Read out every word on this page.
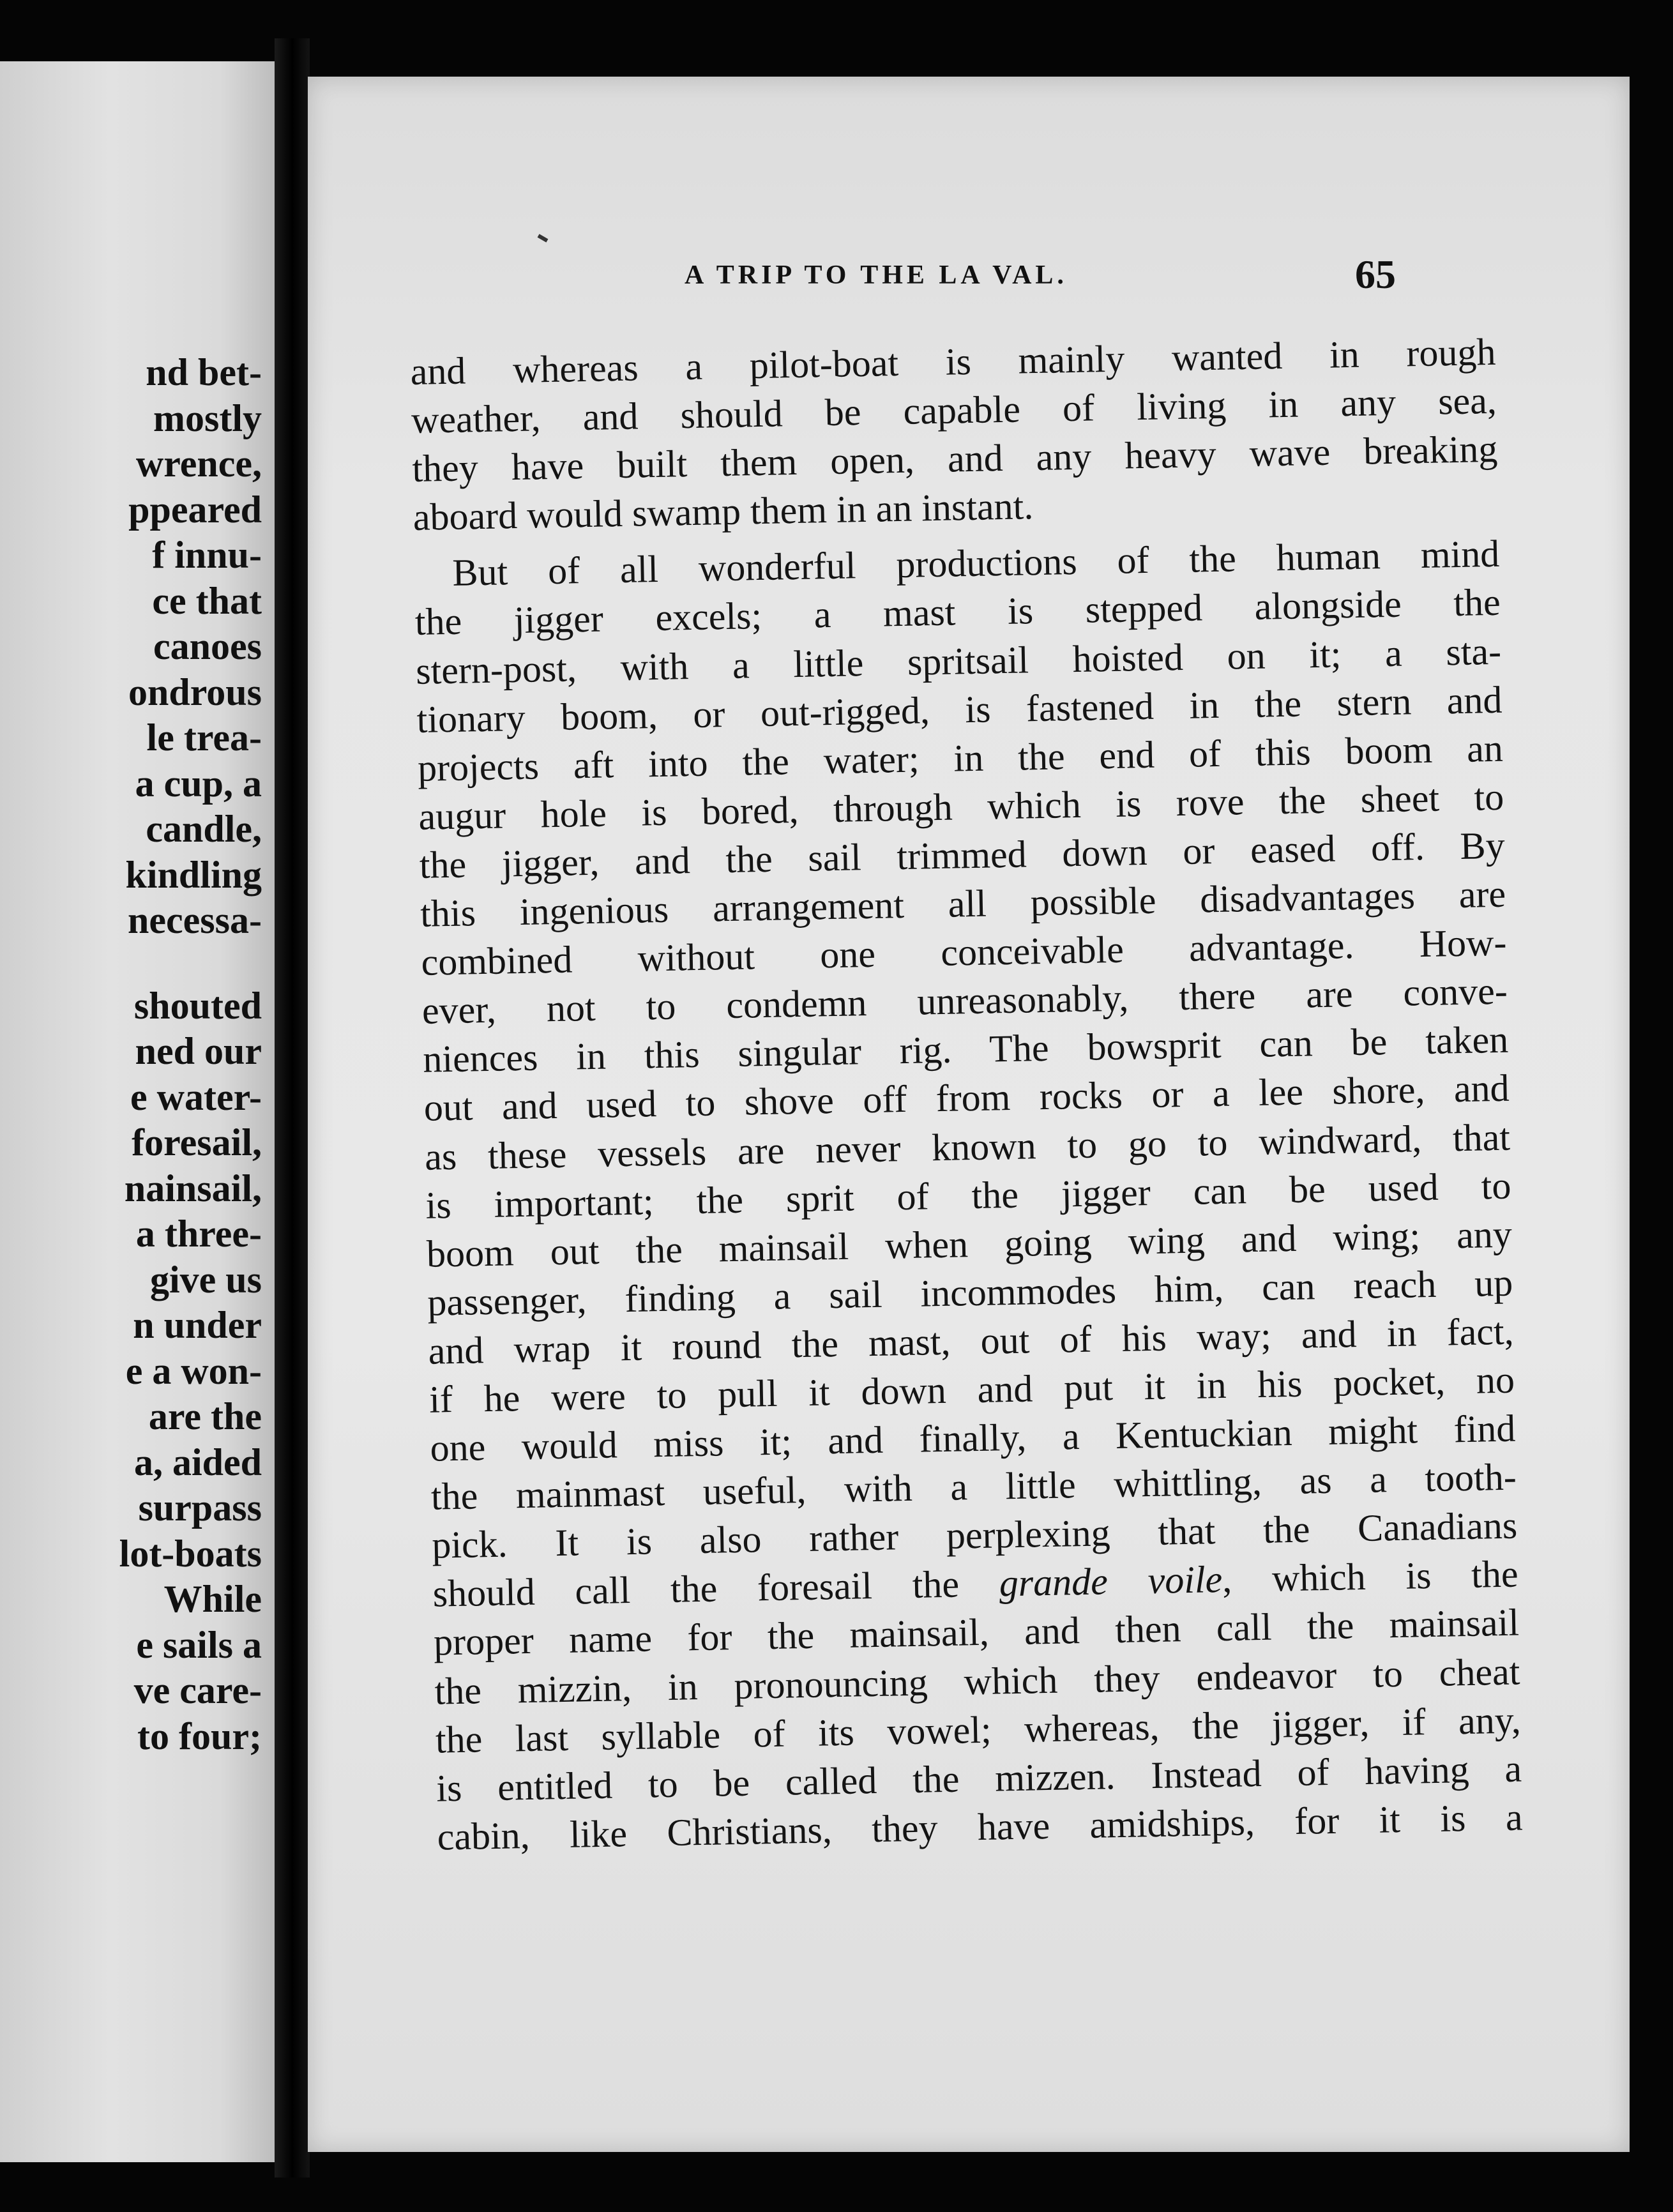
nd bet-
mostly
wrence,
ppeared
f innu-
ce that
canoes
ondrous
le trea-
a cup, a
candle,
kindling
necessa-
shouted
ned our
e water-
foresail,
nainsail,
a three-
give us
n under
e a won-
are the
a, aided
surpass
lot-boats
While
e sails a
ve care-
to four;
A TRIP TO THE LA VAL.	65
and whereas a pilot-boat is mainly wanted in rough
weather, and should be capable of living in any sea,
they have built them open, and any heavy wave breaking
aboard would swamp them in an instant.
But of all wonderful productions of the human mind
the jigger excels; a mast is stepped alongside the
stern-post, with a little spritsail hoisted on it; a sta-
tionary boom, or out-rigged, is fastened in the stern and
projects aft into the water; in the end of this boom an
augur hole is bored, through which is rove the sheet to
the jigger, and the sail trimmed down or eased off. By
this ingenious arrangement all possible disadvantages are
combined without one conceivable advantage. How-
ever, not to condemn unreasonably, there are conve-
niences in this singular rig. The bowsprit can be taken
out and used to shove off from rocks or a lee shore, and
as these vessels are never known to go to windward, that
is important; the sprit of the jigger can be used to
boom out the mainsail when going wing and wing; any
passenger, finding a sail incommodes him, can reach up
and wrap it round the mast, out of his way; and in fact,
if he were to pull it down and put it in his pocket, no
one would miss it; and finally, a Kentuckian might find
the mainmast useful, with a little whittling, as a tooth-
pick. It is also rather perplexing that the Canadians
should call the foresail the grande voile, which is the
proper name for the mainsail, and then call the mainsail
the mizzin, in pronouncing which they endeavor to cheat
the last syllable of its vowel; whereas, the jigger, if any,
is entitled to be called the mizzen. Instead of having a
cabin, like Christians, they have amidships, for it is a
